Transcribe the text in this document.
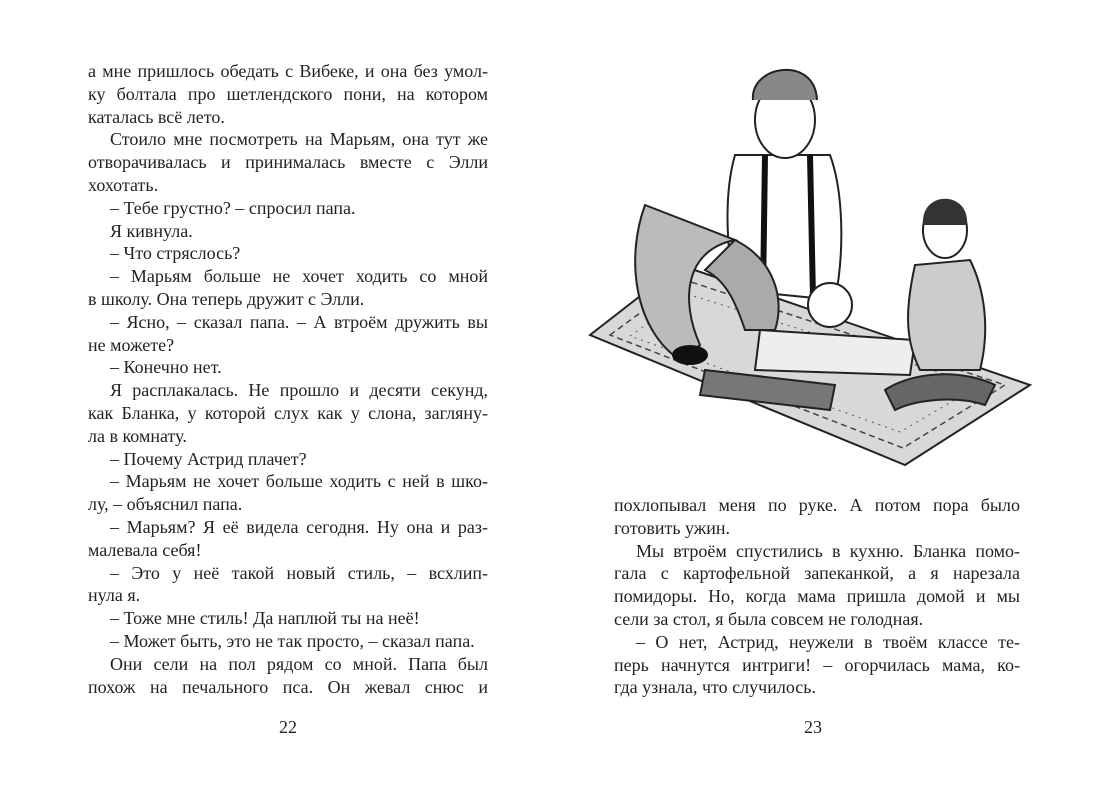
а мне пришлось обедать с Вибеке, и она без умол-
ку болтала про шетлендского пони, на котором
каталась всё лето.
Стоило мне посмотреть на Марьям, она тут же
отворачивалась и принималась вместе с Элли
хохотать.
– Тебе грустно? – спросил папа.
Я кивнула.
– Что стряслось?
– Марьям больше не хочет ходить со мной
в школу. Она теперь дружит с Элли.
– Ясно, – сказал папа. – А втроём дружить вы
не можете?
– Конечно нет.
Я расплакалась. Не прошло и десяти секунд,
как Бланка, у которой слух как у слона, загляну-
ла в комнату.
– Почему Астрид плачет?
– Марьям не хочет больше ходить с ней в шко-
лу, – объяснил папа.
– Марьям? Я её видела сегодня. Ну она и раз-
малевала себя!
– Это у неё такой новый стиль, – всхлип-
нула я.
– Тоже мне стиль! Да наплюй ты на неё!
– Может быть, это не так просто, – сказал папа.
Они сели на пол рядом со мной. Папа был
похож на печального пса. Он жевал снюс и
22
похлопывал меня по руке. А потом пора было
готовить ужин.
Мы втроём спустились в кухню. Бланка помо-
гала с картофельной запеканкой, а я нарезала
помидоры. Но, когда мама пришла домой и мы
сели за стол, я была совсем не голодная.
– О нет, Астрид, неужели в твоём классе те-
перь начнутся интриги! – огорчилась мама, ко-
гда узнала, что случилось.
23
